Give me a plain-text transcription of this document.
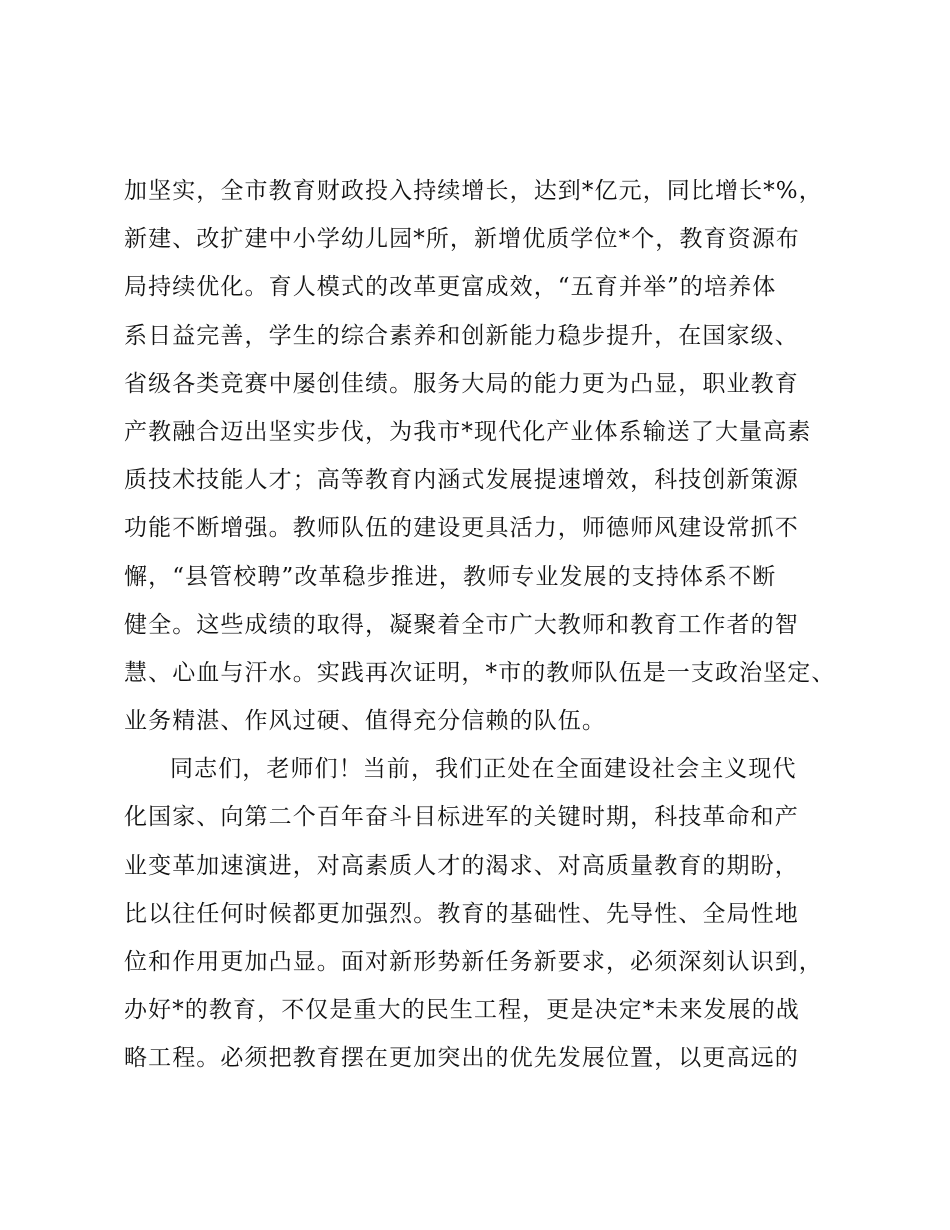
加坚实，全市教育财政投入持续增长，达到*亿元，同比增长*%，
新建、改扩建中小学幼儿园*所，新增优质学位*个，教育资源布
局持续优化。育人模式的改革更富成效，“五育并举”的培养体
系日益完善，学生的综合素养和创新能力稳步提升，在国家级、
省级各类竞赛中屡创佳绩。服务大局的能力更为凸显，职业教育
产教融合迈出坚实步伐，为我市*现代化产业体系输送了大量高素
质技术技能人才；高等教育内涵式发展提速增效，科技创新策源
功能不断增强。教师队伍的建设更具活力，师德师风建设常抓不
懈，“县管校聘”改革稳步推进，教师专业发展的支持体系不断
健全。这些成绩的取得，凝聚着全市广大教师和教育工作者的智
慧、心血与汗水。实践再次证明，*市的教师队伍是一支政治坚定、
业务精湛、作风过硬、值得充分信赖的队伍。
同志们，老师们！当前，我们正处在全面建设社会主义现代
化国家、向第二个百年奋斗目标进军的关键时期，科技革命和产
业变革加速演进，对高素质人才的渴求、对高质量教育的期盼，
比以往任何时候都更加强烈。教育的基础性、先导性、全局性地
位和作用更加凸显。面对新形势新任务新要求，必须深刻认识到，
办好*的教育，不仅是重大的民生工程，更是决定*未来发展的战
略工程。必须把教育摆在更加突出的优先发展位置，以更高远的
